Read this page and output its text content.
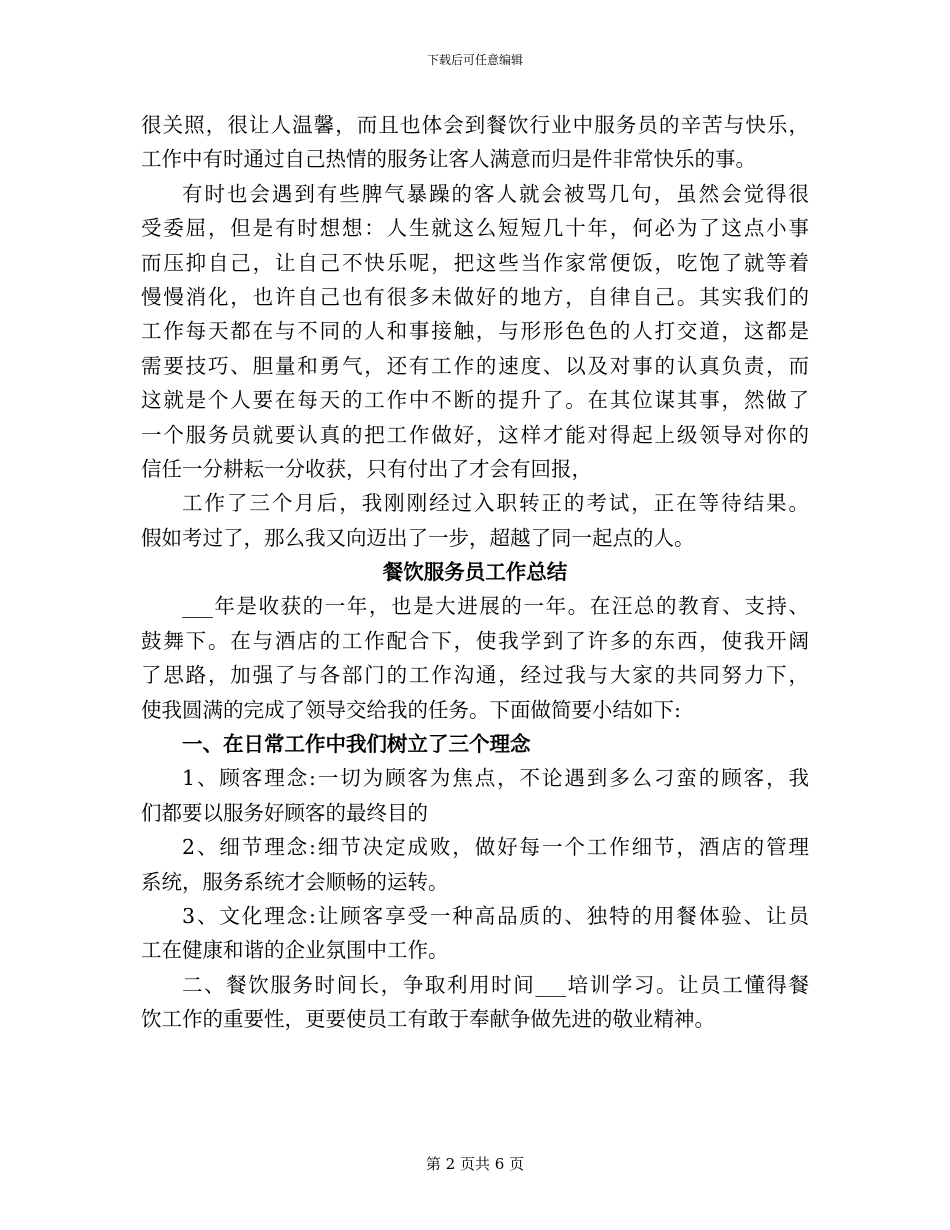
下载后可任意编辑
很关照，很让人温馨，而且也体会到餐饮行业中服务员的辛苦与快乐，
工作中有时通过自己热情的服务让客人满意而归是件非常快乐的事。
有时也会遇到有些脾气暴躁的客人就会被骂几句，虽然会觉得很
受委屈，但是有时想想：人生就这么短短几十年，何必为了这点小事
而压抑自己，让自己不快乐呢，把这些当作家常便饭，吃饱了就等着
慢慢消化，也许自己也有很多未做好的地方，自律自己。其实我们的
工作每天都在与不同的人和事接触，与形形色色的人打交道，这都是
需要技巧、胆量和勇气，还有工作的速度、以及对事的认真负责，而
这就是个人要在每天的工作中不断的提升了。在其位谋其事，然做了
一个服务员就要认真的把工作做好，这样才能对得起上级领导对你的
信任一分耕耘一分收获，只有付出了才会有回报，
工作了三个月后，我刚刚经过入职转正的考试，正在等待结果。
假如考过了，那么我又向迈出了一步，超越了同一起点的人。
餐饮服务员工作总结
___年是收获的一年，也是大进展的一年。在汪总的教育、支持、
鼓舞下。在与酒店的工作配合下，使我学到了许多的东西，使我开阔
了思路，加强了与各部门的工作沟通，经过我与大家的共同努力下，
使我圆满的完成了领导交给我的任务。下面做简要小结如下:
一、在日常工作中我们树立了三个理念
1、顾客理念:一切为顾客为焦点，不论遇到多么刁蛮的顾客，我
们都要以服务好顾客的最终目的
2、细节理念:细节决定成败，做好每一个工作细节，酒店的管理
系统，服务系统才会顺畅的运转。
3、文化理念:让顾客享受一种高品质的、独特的用餐体验、让员
工在健康和谐的企业氛围中工作。
二、餐饮服务时间长，争取利用时间___培训学习。让员工懂得餐
饮工作的重要性，更要使员工有敢于奉献争做先进的敬业精神。
第 2 页共 6 页
